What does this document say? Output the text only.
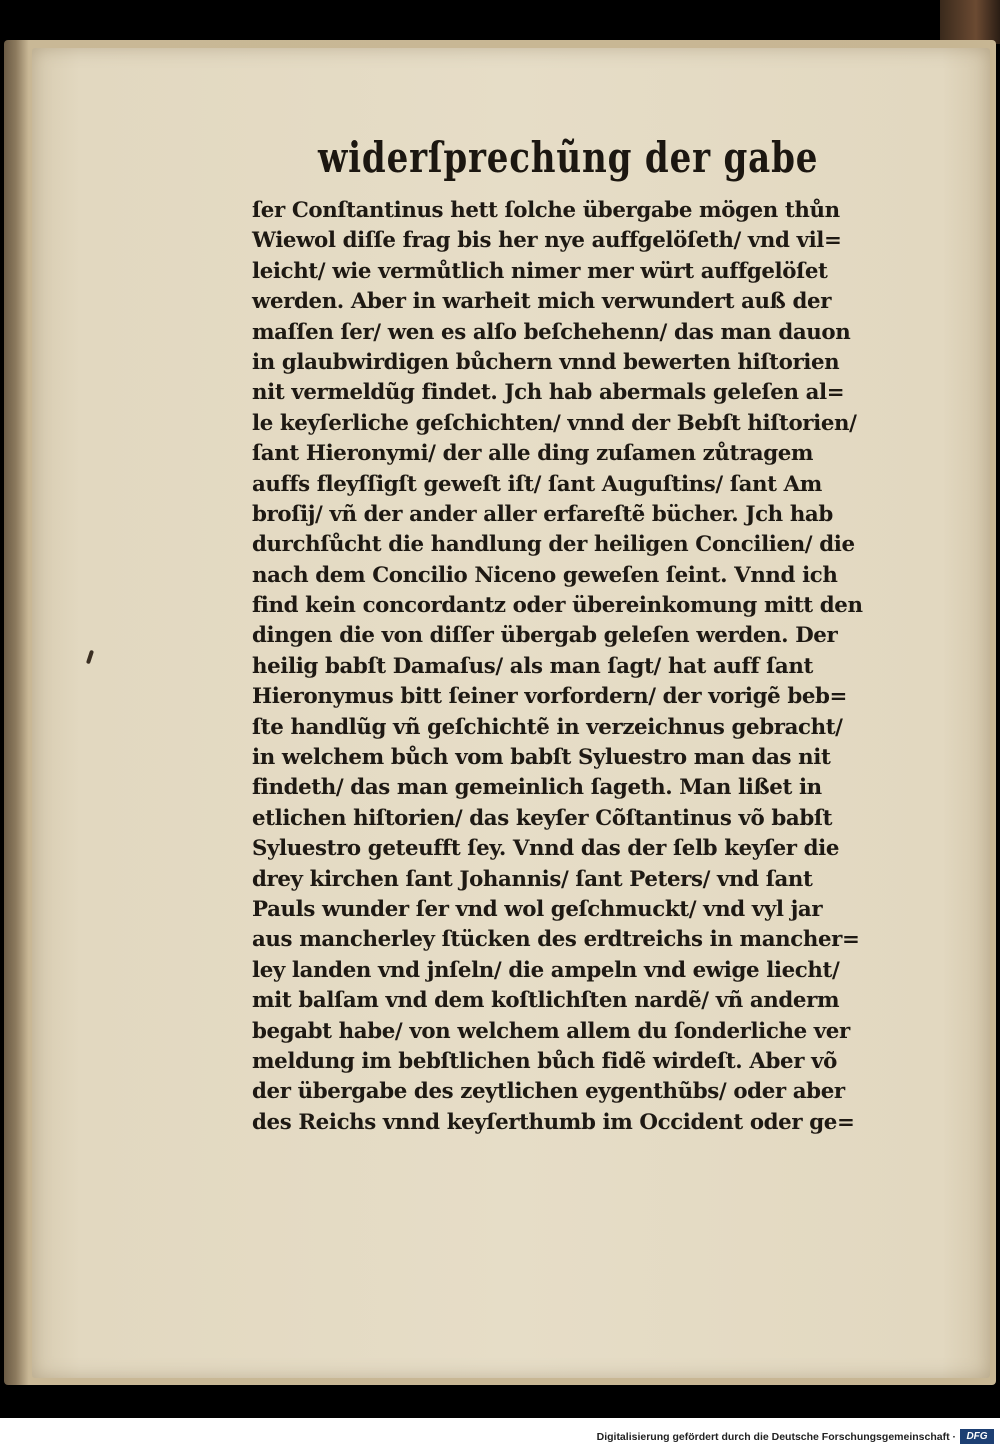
widerſprechũng der gabe
ſer Conſtantinus hett ſolche übergabe mögen thůn
Wiewol diſſe frag bis her nye auffgelöſeth/ vnd vil=
leicht/ wie vermůtlich nimer mer würt auffgelöſet
werden. Aber in warheit mich verwundert auß der
maſſen ſer/ wen es alſo beſchehenn/ das man dauon
in glaubwirdigen bůchern vnnd bewerten hiſtorien
nit vermeldũg findet. Jch hab abermals geleſen al=
le keyſerliche geſchichten/ vnnd der Bebſt hiſtorien/
ſant Hieronymi/ der alle ding zuſamen zůtragem
auffs fleyſſigſt geweſt iſt/ ſant Auguſtins/ ſant Am
broſij/ vñ der ander aller erfareſtẽ bücher. Jch hab
durchſůcht die handlung der heiligen Concilien/ die
nach dem Concilio Niceno geweſen ſeint. Vnnd ich
find kein concordantz oder übereinkomung mitt den
dingen die von diſſer übergab geleſen werden. Der
heilig babſt Damaſus/ als man ſagt/ hat auff ſant
Hieronymus bitt ſeiner vorfordern/ der vorigẽ beb=
ſte handlũg vñ geſchichtẽ in verzeichnus gebracht/
in welchem bůch vom babſt Syluestro man das nit
findeth/ das man gemeinlich ſageth. Man lißet in
etlichen hiſtorien/ das keyſer Cõſtantinus võ babſt
Syluestro geteufft ſey. Vnnd das der ſelb keyſer die
drey kirchen ſant Johannis/ ſant Peters/ vnd ſant
Pauls wunder ſer vnd wol geſchmuckt/ vnd vyl jar
aus mancherley ſtücken des erdtreichs in mancher=
ley landen vnd jnſeln/ die ampeln vnd ewige liecht/
mit balſam vnd dem koſtlichſten nardẽ/ vñ anderm
begabt habe/ von welchem allem du ſonderliche ver
meldung im bebſtlichen bůch fidẽ wirdeſt. Aber võ
der übergabe des zeytlichen eygenthũbs/ oder aber
des Reichs vnnd keyſerthumb im Occident oder ge=
Digitalisierung gefördert durch die Deutsche Forschungsgemeinschaft ·	DFG
